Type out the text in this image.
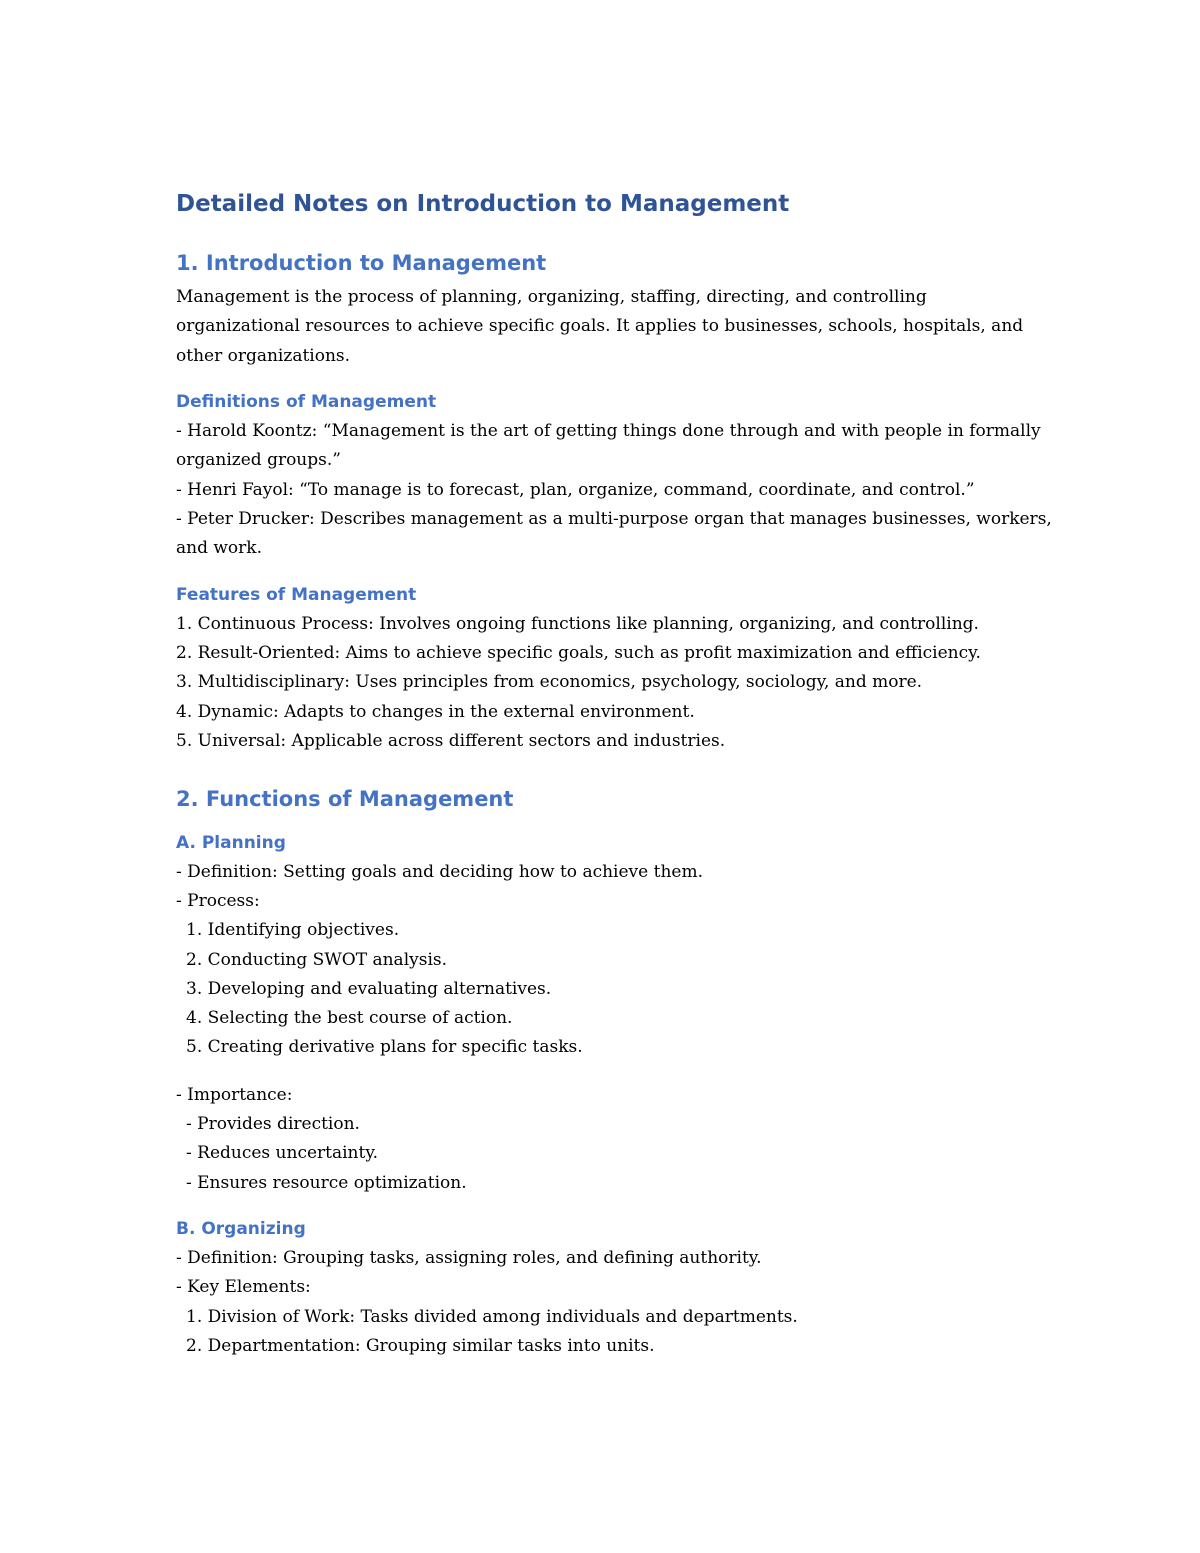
Detailed Notes on Introduction to Management
1. Introduction to Management

Management is the process of planning, organizing, staffing, directing, and controlling organizational resources to achieve specific goals. It applies to businesses, schools, hospitals, and other organizations.

Definitions of Management
- Harold Koontz: “Management is the art of getting things done through and with people in formally organized groups.”
- Henri Fayol: “To manage is to forecast, plan, organize, command, coordinate, and control.”
- Peter Drucker: Describes management as a multi-purpose organ that manages businesses, workers, and work.
Features of Management
1. Continuous Process: Involves ongoing functions like planning, organizing, and controlling.
2. Result-Oriented: Aims to achieve specific goals, such as profit maximization and efficiency.
3. Multidisciplinary: Uses principles from economics, psychology, sociology, and more.
4. Dynamic: Adapts to changes in the external environment.
5. Universal: Applicable across different sectors and industries.
2. Functions of Management
A. Planning
- Definition: Setting goals and deciding how to achieve them.
- Process:
1. Identifying objectives.
2. Conducting SWOT analysis.
3. Developing and evaluating alternatives.
4. Selecting the best course of action.
5. Creating derivative plans for specific tasks.
- Importance:
- Provides direction.
- Reduces uncertainty.
- Ensures resource optimization.
B. Organizing
- Definition: Grouping tasks, assigning roles, and defining authority.
- Key Elements:
1. Division of Work: Tasks divided among individuals and departments.
2. Departmentation: Grouping similar tasks into units.
